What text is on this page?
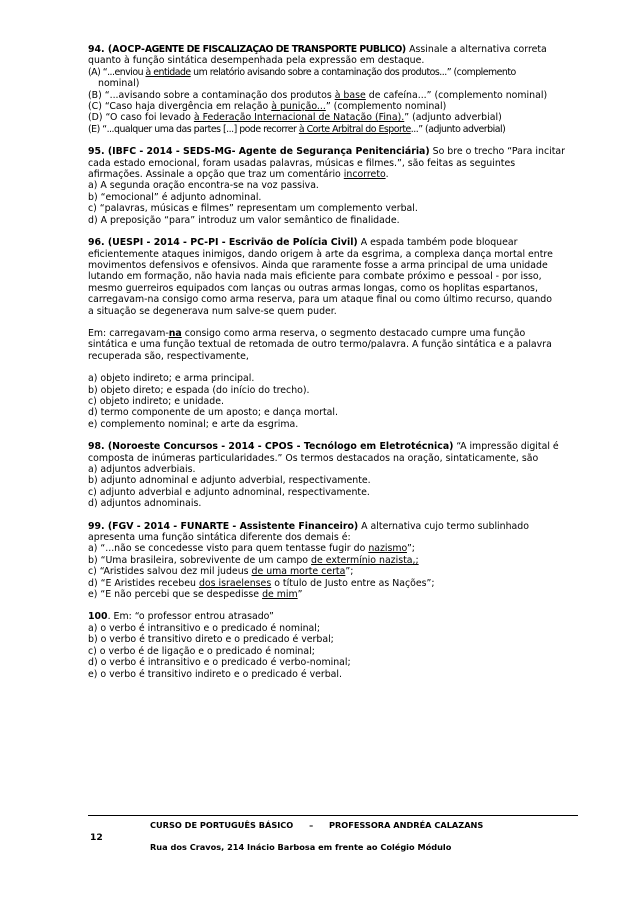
94. (AOCP-AGENTE DE FISCALIZAÇÃO DE TRANSPORTE PÚBLICO) Assinale a alternativa correta
quanto à função sintática desempenhada pela expressão em destaque.
(A) “...enviou à entidade um relatório avisando sobre a contaminação dos produtos...” (complemento
nominal)
(B) “...avisando sobre a contaminação dos produtos à base de cafeína...” (complemento nominal)
(C) “Caso haja divergência em relação à punição...” (complemento nominal)
(D) “O caso foi levado à Federação Internacional de Natação (Fina).” (adjunto adverbial)
(E) “...qualquer uma das partes [...] pode recorrer à Corte Arbitral do Esporte...” (adjunto adverbial)
95. (IBFC - 2014 - SEDS-MG- Agente de Segurança Penitenciária) So bre o trecho “Para incitar
cada estado emocional, foram usadas palavras, músicas e filmes.”, são feitas as seguintes
afirmações. Assinale a opção que traz um comentário incorreto.
a) A segunda oração encontra-se na voz passiva.
b) “emocional” é adjunto adnominal.
c) “palavras, músicas e filmes” representam um complemento verbal.
d) A preposição “para” introduz um valor semântico de finalidade.
96. (UESPI - 2014 - PC-PI - Escrivão de Polícia Civil) A espada também pode bloquear
eficientemente ataques inimigos, dando origem à arte da esgrima, a complexa dança mortal entre
movimentos defensivos e ofensivos. Ainda que raramente fosse a arma principal de uma unidade
lutando em formação, não havia nada mais eficiente para combate próximo e pessoal - por isso,
mesmo guerreiros equipados com lanças ou outras armas longas, como os hoplitas espartanos,
carregavam-na consigo como arma reserva, para um ataque final ou como último recurso, quando
a situação se degenerava num salve-se quem puder.
Em: carregavam-na consigo como arma reserva, o segmento destacado cumpre uma função
sintática e uma função textual de retomada de outro termo/palavra. A função sintática e a palavra
recuperada são, respectivamente,
a) objeto indireto; e arma principal.
b) objeto direto; e espada (do início do trecho).
c) objeto indireto; e unidade.
d) termo componente de um aposto; e dança mortal.
e) complemento nominal; e arte da esgrima.
98. (Noroeste Concursos - 2014 - CPOS - Tecnólogo em Eletrotécnica) “A impressão digital é
composta de inúmeras particularidades.” Os termos destacados na oração, sintaticamente, são
a) adjuntos adverbiais.
b) adjunto adnominal e adjunto adverbial, respectivamente.
c) adjunto adverbial e adjunto adnominal, respectivamente.
d) adjuntos adnominais.
99. (FGV - 2014 - FUNARTE - Assistente Financeiro) A alternativa cujo termo sublinhado
apresenta uma função sintática diferente dos demais é:
a) “...não se concedesse visto para quem tentasse fugir do nazismo”;
b) “Uma brasileira, sobrevivente de um campo de extermínio nazista,;
c) “Aristides salvou dez mil judeus de uma morte certa”;
d) “E Aristides recebeu dos israelenses o título de Justo entre as Nações”;
e) “E não percebi que se despedisse de mim”
100. Em: “o professor entrou atrasado”
a) o verbo é intransitivo e o predicado é nominal;
b) o verbo é transitivo direto e o predicado é verbal;
c) o verbo é de ligação e o predicado é nominal;
d) o verbo é intransitivo e o predicado é verbo-nominal;
e) o verbo é transitivo indireto e o predicado é verbal.
CURSO DE PORTUGUÊS BÁSICO – PROFESSORA ANDRÉA CALAZANS
12
Rua dos Cravos, 214 Inácio Barbosa em frente ao Colégio Módulo
